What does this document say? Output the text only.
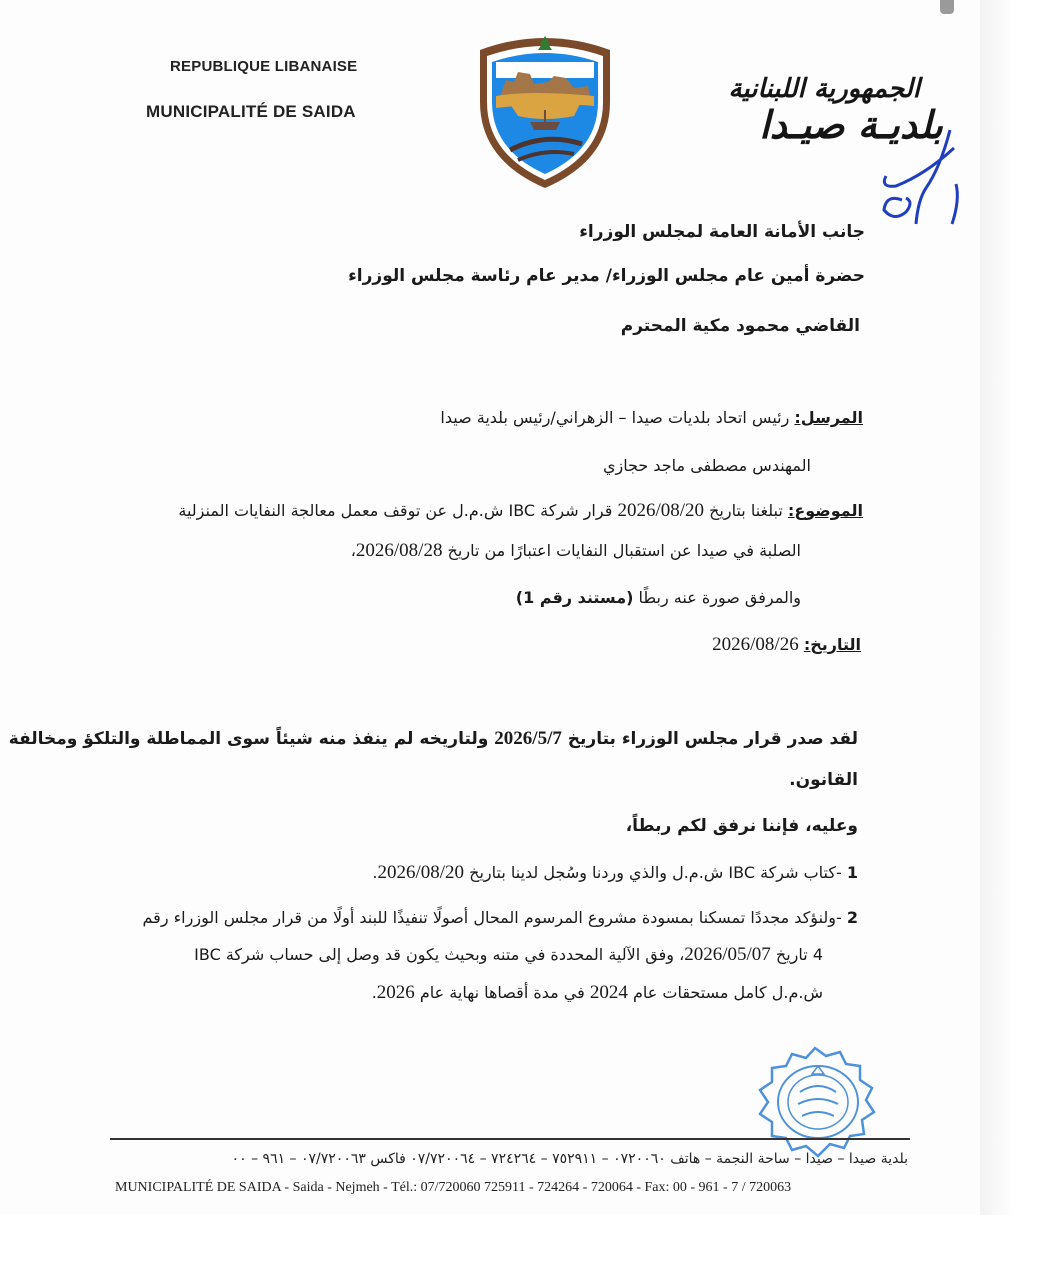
REPUBLIQUE LIBANAISE
MUNICIPALITÉ DE SAIDA
الجمهورية اللبنانية
بلديـة صيـدا
جانب الأمانة العامة لمجلس الوزراء
حضرة أمين عام مجلس الوزراء/ مدير عام رئاسة مجلس الوزراء
القاضي محمود مكية المحترم
المرسل: رئيس اتحاد بلديات صيدا – الزهراني/رئيس بلدية صيدا
المهندس مصطفى ماجد حجازي
الموضوع: تبلغنا بتاريخ 2026/08/20 قرار شركة IBC ش.م.ل عن توقف معمل معالجة النفايات المنزلية
الصلبة في صيدا عن استقبال النفايات اعتبارًا من تاريخ 2026/08/28،
والمرفق صورة عنه ربطًا (مستند رقم 1)
التاريخ: 2026/08/26
لقد صدر قرار مجلس الوزراء بتاريخ 2026/5/7 ولتاريخه لم ينفذ منه شيئاً سوى المماطلة والتلكؤ ومخالفة
القانون.
وعليه، فإننا نرفق لكم ربطاً،
1 -كتاب شركة IBC ش.م.ل والذي وردنا وسُجل لدينا بتاريخ 2026/08/20.
2 -ولنؤكد مجددًا تمسكنا بمسودة مشروع المرسوم المحال أصولًا تنفيذًا للبند أولًا من قرار مجلس الوزراء رقم
4 تاريخ 2026/05/07، وفق الآلية المحددة في متنه وبحيث يكون قد وصل إلى حساب شركة IBC
ش.م.ل كامل مستحقات عام 2024 في مدة أقصاها نهاية عام 2026.
بلدية صيدا – صيدا – ساحة النجمة – هاتف ٠٧٢٠٠٦٠ – ٧٥٢٩١١ – ٧٢٤٢٦٤ – ٠٧/٧٢٠٠٦٤ فاكس ٠٧/٧٢٠٠٦٣ – ٩٦١ – ٠٠
MUNICIPALITÉ DE SAIDA - Saida - Nejmeh - Tél.: 07/720060 725911 - 724264 - 720064 - Fax: 00 - 961 - 7 / 720063
